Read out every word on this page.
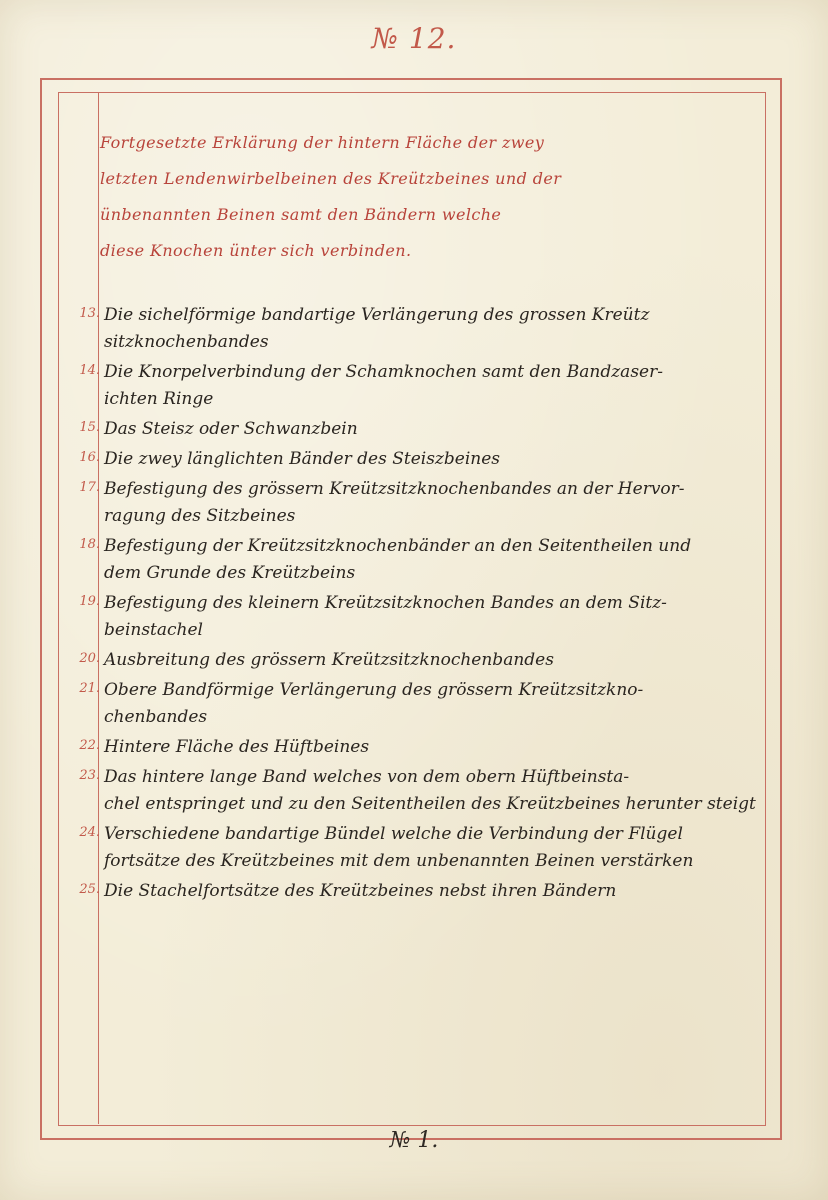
№ 12.
Fortgesetzte Erklärung der hintern Fläche der zwey
letzten Lendenwirbelbeinen des Kreützbeines und der
ünbenannten Beinen samt den Bändern welche
diese Knochen ünter sich verbinden.
13. Die sichelförmige bandartige Verlängerung des grossen Kreütz
sitzknochenbandes
14. Die Knorpelverbindung der Schamknochen samt den Bandzaser-
ichten Ringe
15. Das Steisz oder Schwanzbein
16. Die zwey länglichten Bänder des Steiszbeines
17. Befestigung des grössern Kreützsitzknochenbandes an der Hervor-
ragung des Sitzbeines
18. Befestigung der Kreützsitzknochenbänder an den Seitentheilen und
dem Grunde des Kreützbeins
19. Befestigung des kleinern Kreützsitzknochen Bandes an dem Sitz-
beinstachel
20. Ausbreitung des grössern Kreützsitzknochenbandes
21. Obere Bandförmige Verlängerung des grössern Kreützsitzkno-
chenbandes
22. Hintere Fläche des Hüftbeines
23. Das hintere lange Band welches von dem obern Hüftbeinsta-
chel entspringet und zu den Seitentheilen des Kreützbeines herunter steigt
24. Verschiedene bandartige Bündel welche die Verbindung der Flügel
fortsätze des Kreützbeines mit dem unbenannten Beinen verstärken
25. Die Stachelfortsätze des Kreützbeines nebst ihren Bändern
№ 1.
